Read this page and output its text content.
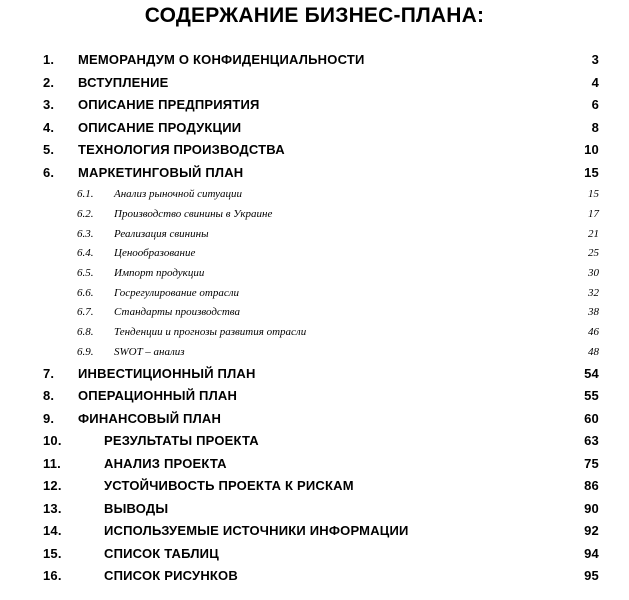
СОДЕРЖАНИЕ БИЗНЕС-ПЛАНА:
1. МЕМОРАНДУМ О КОНФИДЕНЦИАЛЬНОСТИ	3
2. ВСТУПЛЕНИЕ	4
3. ОПИСАНИЕ ПРЕДПРИЯТИЯ	6
4. ОПИСАНИЕ ПРОДУКЦИИ	8
5. ТЕХНОЛОГИЯ ПРОИЗВОДСТВА	10
6. МАРКЕТИНГОВЫЙ ПЛАН	15
6.1. Анализ рыночной ситуации	15
6.2. Производство свинины в Украине	17
6.3. Реализация свинины	21
6.4. Ценообразование	25
6.5. Импорт продукции	30
6.6. Госрегулирование отрасли	32
6.7. Стандарты производства	38
6.8. Тенденции и прогнозы развития отрасли	46
6.9. SWOT – анализ	48
7. ИНВЕСТИЦИОННЫЙ ПЛАН	54
8. ОПЕРАЦИОННЫЙ ПЛАН	55
9. ФИНАНСОВЫЙ ПЛАН	60
10.	РЕЗУЛЬТАТЫ ПРОЕКТА	63
11.	АНАЛИЗ ПРОЕКТА	75
12.	УСТОЙЧИВОСТЬ ПРОЕКТА К РИСКАМ	86
13.	ВЫВОДЫ	90
14.	ИСПОЛЬЗУЕМЫЕ ИСТОЧНИКИ ИНФОРМАЦИИ	92
15.	СПИСОК ТАБЛИЦ	94
16.	СПИСОК РИСУНКОВ	95
